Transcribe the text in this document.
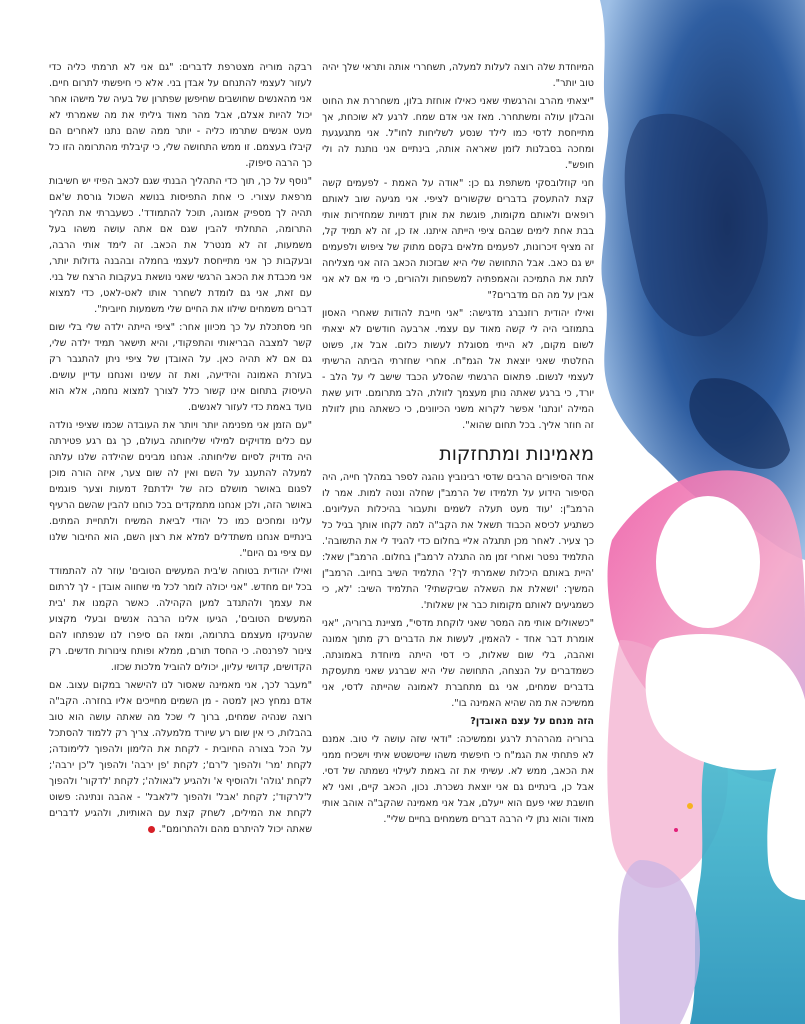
המיוחדת שלה רוצה לעלות למעלה, תשחררי אותה ותראי שלך יהיה טוב יותר".

"יצאתי מהרב והרגשתי שאני כאילו אוחזת בלון, משחררת את החוט והבלון עולה ומשתחרר. מאז אני אדם שמח. לרגע לא שוכחת, אך מתייחסת לדסי כמו לילד שנסע לשליחות לחו"ל. אני מתגעגעת ומחכה בסבלנות לזמן שאראה אותה, בינתיים אני נותנת לה ולי חופש".

חני קוזלובסקי משתפת גם כן: "אודה על האמת - לפעמים קשה קצת להתעסק בדברים שקשורים לציפי. אני מגיעה שוב לאותם רופאים ולאותם מקומות, פוגשת את אותן דמויות שמחזירות אותי בבת אחת לימים שבהם ציפי הייתה איתנו. אז כן, זה לא תמיד קל, זה מציף זיכרונות, לפעמים מלאים בקסם מתוק של ציפוש ולפעמים יש גם כאב. אבל התחושה שלי היא שבזכות הכאב הזה אני מצליחה לתת את התמיכה והאמפתיה למשפחות ולהורים, כי מי אם לא אני אבין על מה הם מדברים?"

ואילו יהודית רוזנברג מדגישה: "אני חייבת להודות שאחרי האסון בתמוזבי היה לי קשה מאוד עם עצמי. ארבעה חודשים לא יצאתי לשום מקום, לא הייתי מסוגלת לעשות כלום. אבל אז, פשוט החלטתי שאני יוצאת אל הגמ"ח. אחרי שחזרתי הביתה הרשיתי לעצמי לנשום. פתאום הרגשתי שהסלע הכבד שישב לי על הלב - יורד, כי ברגע שאתה נותן מעצמך לזולת, הלב מתרומם. ידוע שאת המילה 'ונתנו' אפשר לקרוא משני הכיוונים, כי כשאתה נותן לזולת זה חוזר אליך. בכל תחום שהוא".

מאמינות ומתחזקות

אחד הסיפורים הרבים שדסי רבינוביץ נוהגה לספר במהלך חייה, היה הסיפור הידוע על תלמידו של הרמב"ן שחלה ונטה למות. אמר לו הרמב"ן: 'עוד מעט תעלה לשמים ותעבור בהיכלות העליונים. כשתגיע לכיסא הכבוד תשאל את הקב"ה למה לקחו אותך בגיל כל כך צעיר. לאחר מכן תתגלה אליי בחלום כדי להגיד לי את התשובה'. התלמיד נפטר ואחרי זמן מה התגלה לרמב"ן בחלום. הרמב"ן שאל: 'היית באותם היכלות שאמרתי לך?' התלמיד השיב בחיוב. הרמב"ן המשיך: 'ושאלת את השאלה שביקשתי?' התלמיד השיב: 'לא, כי כשמגיעים לאותם מקומות כבר אין שאלות'.

"כשאולים אותי מה המסר שאני לוקחת מדסי", מציינת ברוריה, "אני אומרת דבר אחד - להאמין, לעשות את הדברים רק מתוך אמונה ואהבה, בלי שום שאלות, כי דסי הייתה מיוחדת באמונתה. כשמדברים על הנצחה, התחושה שלי היא שברגע שאני מתעסקת בדברים שמחים, אני גם מתחברת לאמונה שהייתה לדסי, אני ממשיכה את מה שהיא האמינה בו".

הזה מנחם על עצם האובדן?

ברוריה מהרהרת לרגע וממשיכה: "ודאי שזה עושה לי טוב. אמנם לא פתחתי את הגמ"ח כי חיפשתי משהו שייטשטש איתי וישכיח ממני את הכאב, ממש לא. עשיתי את זה באמת לעילוי נשמתה של דסי. אבל כן, בינתיים גם אני יוצאת נשכרת. נכון, הכאב קיים, ואני לא חושבת שאי פעם הוא ייעלם, אבל אני מאמינה שהקב"ה אוהב אותי מאוד והוא נתן לי הרבה דברים משמחים בחיים שלי".

רבקה מוריה מצטרפת לדברים: "גם אני לא תרמתי כליה כדי לעזור לעצמי להתנחם על אבדן בני. אלא כי חיפשתי לתרום חיים. אני מהאנשים שחושבים שחיפשן שפתרון של בעיה של מישהו אחר יכול להיות אצלם, אבל מהר מאוד גיליתי את מה שאמרתי לא מעט אנשים שתרמו כליה - יותר ממה שהם נתנו לאחרים הם קיבלו בעצמם. זו ממש התחושה שלי, כי קיבלתי מהתרומה הזו כל כך הרבה סיפוק.

"נוסף על כך, תוך כדי התהליך הבנתי שגם לכאב הפיזי יש חשיבות מרפאת עצורי. כי אחת התפיסות בנושא השכול גורסת ש'אם תהיה לך מספיק אמונה, תוכל להתמודד'. כשעברתי את תהליך התרומה, התחלתי להבין שגם אם אתה עושה משהו בעל משמעות, זה לא מנטרל את הכאב. זה לימד אותי הרבה, ובעקבות כך אני מתייחסת לעצמי בחמלה ובהבנה גדולות יותר, אני מכבדת את הכאב הרגשי שאני נושאת בעקבות הרצח של בני. עם זאת, אני גם לומדת לשחרר אותו לאט-לאט, כדי למצוא דברים משמחים שילוו את החיים שלי משמעות חיובית".

חני מסתכלת על כך מכיוון אחר: "ציפי הייתה ילדה שלי בלי שום קשר למצבה הבריאותי והתפקודי, והיא תישאר תמיד ילדה שלי, גם אם לא תהיה כאן. על האובדן של ציפי ניתן להתגבר רק בעזרת האמונה והידיעה, ואת זה עשינו ואנחנו עדיין עושים. העיסוק בתחום אינו קשור כלל לצורך למצוא נחמה, אלא הוא נועד באמת כדי לעזור לאנשים.

"עם הזמן אני מפנימה יותר ויותר את העובדה שכמו שציפי נולדה עם כלים מדויקים למילוי שליחותה בעולם, כך גם רגע פטירתה היה מדויק לסיום שליחותה. אנחנו מבינים שהילדה שלנו עלתה למעלה להתענג על השם ואין לה שום צער, איזה הורה מוכן לפגום באושר מושלם כזה של ילדתם? דמעות וצער פוגמים באושר הזה, ולכן אנחנו מתמקדים בכל כוחנו להבין שהשם הרעיף עלינו ומחכים כמו כל יהודי לביאת המשיח ולתחיית המתים. בינתיים אנחנו משתדלים למלא את רצון השם, הוא החיבור שלנו עם ציפי גם היום".

ואילו יהודית בטוחה ש'בית המעשים הטובים' עוזר לה להתמודד בכל יום מחדש. "אני יכולה לומר לכל מי שחווה אובדן - לך לרתום את עצמך ולהתנדב למען הקהילה. כאשר הקמנו את 'בית המעשים הטובים', הגיעו אלינו הרבה אנשים ובעלי מקצוע שהעניקו מעצמם בתרומה, ומאז הם סיפרו לנו שנפתחו להם צינור לפרנסה. כי החסד תורם, ממלא ופותח צינורות חדשים. רק הקדושים, קדושי עליון, יכולים להוביל מלכות שכזו.

"מעבר לכך, אני מאמינה שאסור לנו להישאר במקום עצוב. אם אדם נמחץ כאן למטה - מן השמים מחייכים אליו בחזרה. הקב"ה רוצה שנהיה שמחים, ברוך לי שכל מה שאתה עושה הוא טוב בהבלות, כי אין שום רע שיורד מלמעלה. צריך רק ללמוד להסתכל על הכל בצורה החיובית - לקחת את הלימון ולהפוך ללימונדה; לקחת 'מר' ולהפוך ל'רם'; לקחת 'פן ירבה' ולהפוך ל'כן ירבה'; לקחת 'גולה' ולהוסיף א' ולהגיע ל'גאולה'; לקחת 'לדקור' ולהפוך ל'לרקוד'; לקחת 'אבל' ולהפוך ל'לאבל' - אהבה ונתינה: פשוט לקחת את המילים, לשחק קצת עם האותיות, ולהגיע לדברים שאתה יכול להיתרם מהם ולהתרומם".
